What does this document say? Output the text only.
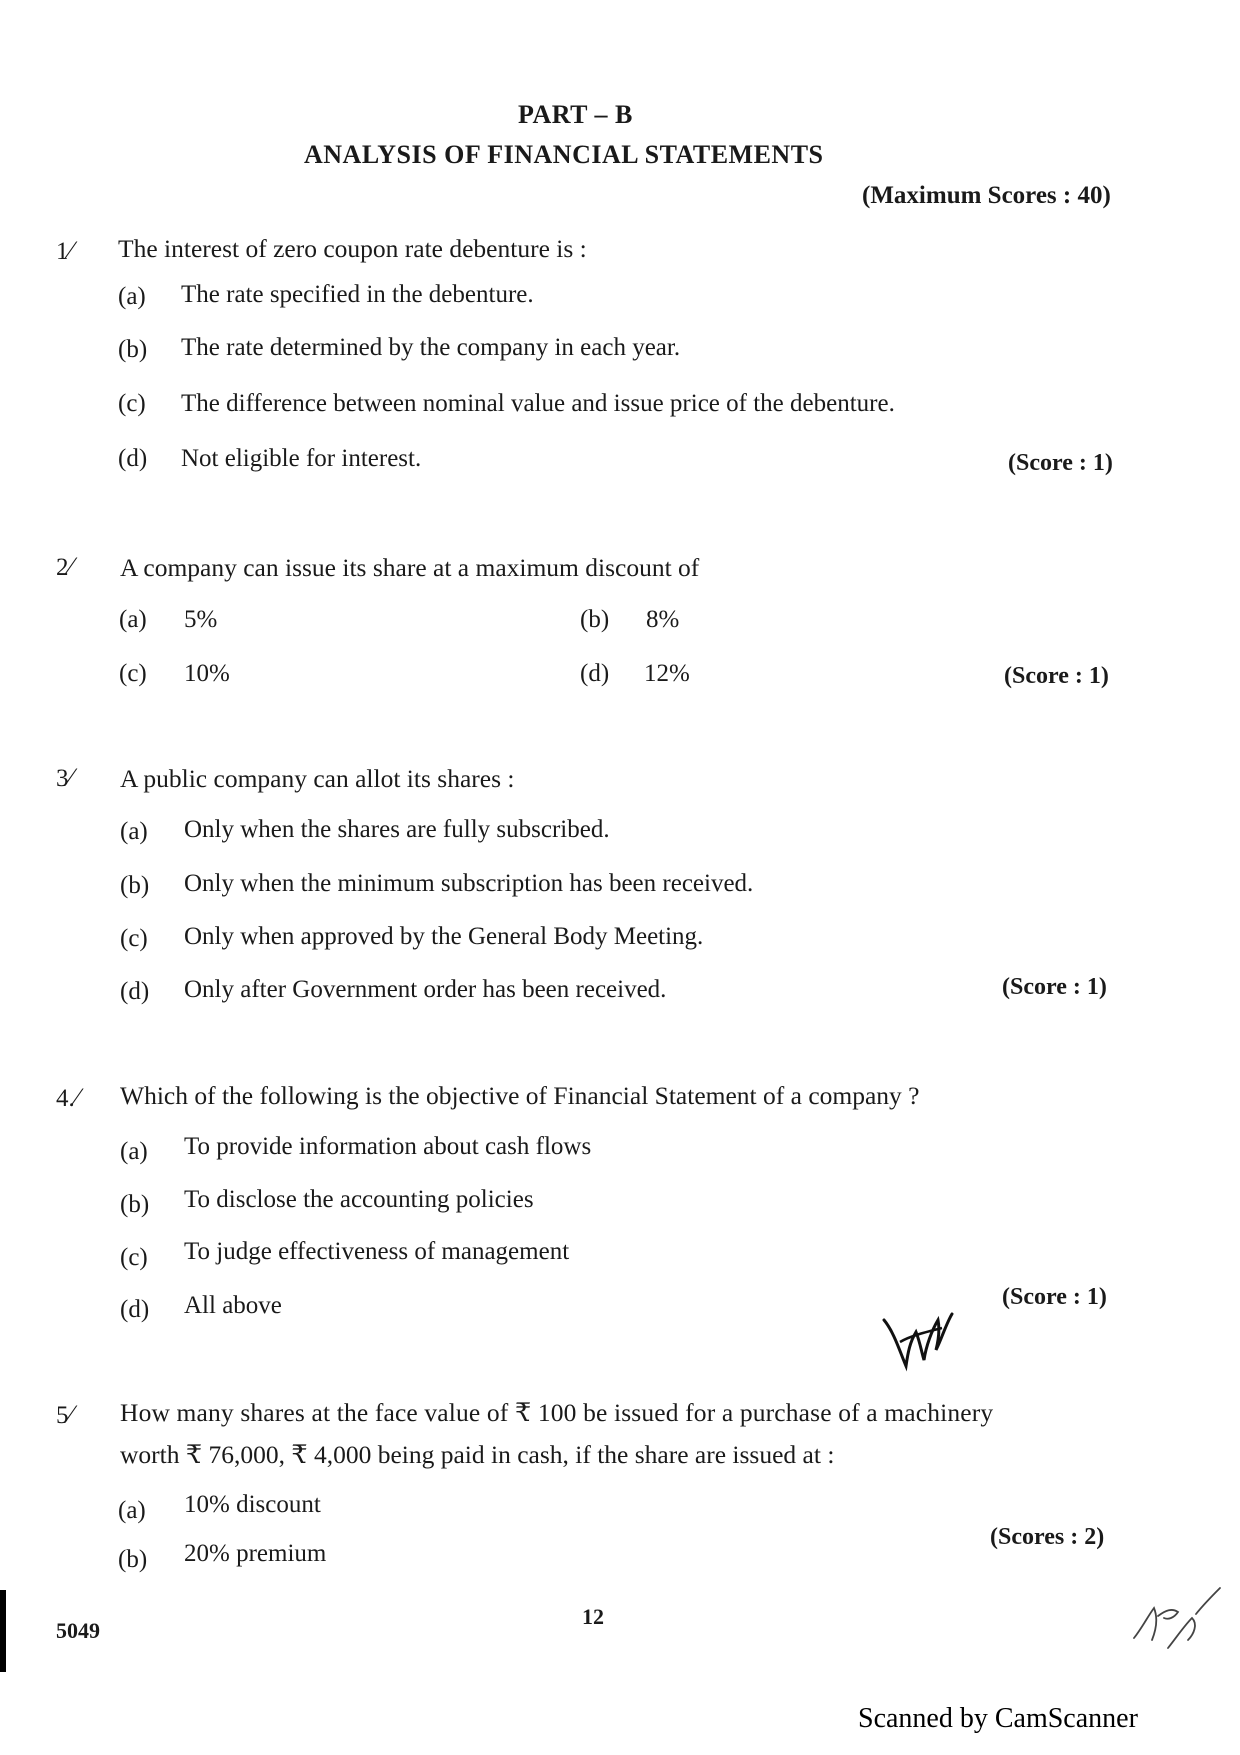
PART – B
ANALYSIS OF FINANCIAL STATEMENTS
(Maximum Scores : 40)
1⁄ The interest of zero coupon rate debenture is :
(a) The rate specified in the debenture.
(b) The rate determined by the company in each year.
(c) The difference between nominal value and issue price of the debenture.
(d) Not eligible for interest.	(Score : 1)
2⁄ A company can issue its share at a maximum discount of
(a) 5%	(b) 8%
(c) 10%	(d) 12%	(Score : 1)
3⁄ A public company can allot its shares :
(a) Only when the shares are fully subscribed.
(b) Only when the minimum subscription has been received.
(c) Only when approved by the General Body Meeting.
(d) Only after Government order has been received.	(Score : 1)
4.⁄ Which of the following is the objective of Financial Statement of a company ?
(a) To provide information about cash flows
(b) To disclose the accounting policies
(c) To judge effectiveness of management
(d) All above	(Score : 1)
5⁄ How many shares at the face value of ₹ 100 be issued for a purchase of a machinery
worth ₹ 76,000, ₹ 4,000 being paid in cash, if the share are issued at :
(a) 10% discount
(b) 20% premium
(Scores : 2)
5049
12
Scanned by CamScanner
